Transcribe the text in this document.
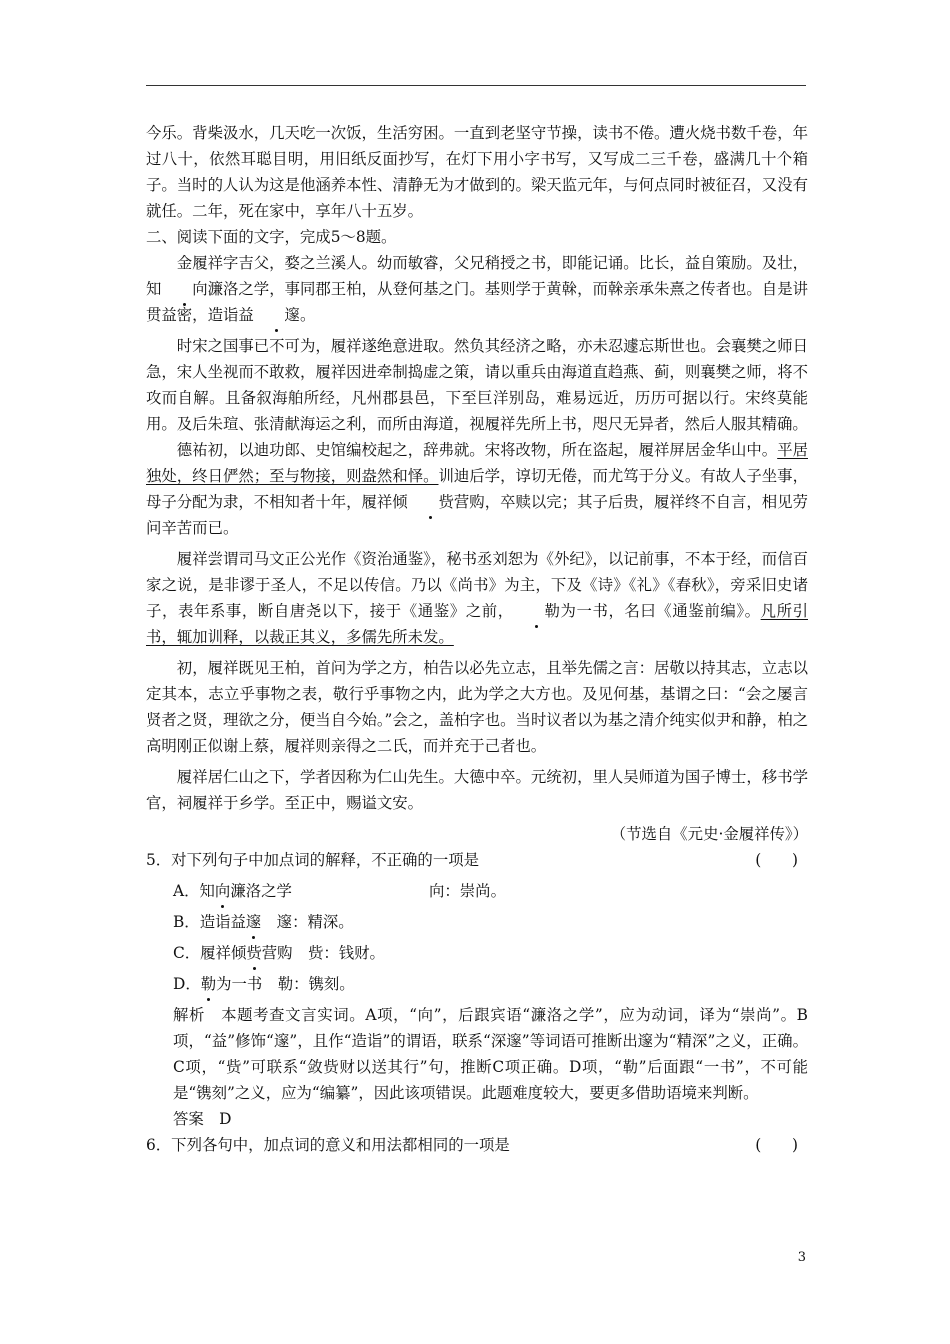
今乐。背柴汲水，几天吃一次饭，生活穷困。一直到老坚守节操，读书不倦。遭火烧书数千卷，年过八十，依然耳聪目明，用旧纸反面抄写，在灯下用小字书写，又写成二三千卷，盛满几十个箱子。当时的人认为这是他涵养本性、清静无为才做到的。梁天监元年，与何点同时被征召，又没有就任。二年，死在家中，享年八十五岁。

二、阅读下面的文字，完成5～8题。

金履祥字吉父，婺之兰溪人。幼而敏睿，父兄稍授之书，即能记诵。比长，益自策励。及壮，知 向濂洛之学，事同郡王柏，从登何基之门。基则学于黄榦，而榦亲承朱熹之传者也。自是讲贯益密，造诣益 邃。

时宋之国事已不可为，履祥遂绝意进取。然负其经济之略，亦未忍遽忘斯世也。会襄樊之师日急，宋人坐视而不敢救，履祥因进牵制捣虚之策，请以重兵由海道直趋燕、蓟，则襄樊之师，将不攻而自解。且备叙海舶所经，凡州郡县邑，下至巨洋别岛，难易远近，历历可据以行。宋终莫能用。及后朱瑄、张清献海运之利，而所由海道，视履祥先所上书，咫尺无异者，然后人服其精确。

德祐初，以迪功郎、史馆编校起之，辞弗就。宋将改物，所在盗起，履祥屏居金华山中。平居独处，终日俨然；至与物接，则盎然和怿。训迪后学，谆切无倦，而尤笃于分义。有故人子坐事，母子分配为隶，不相知者十年，履祥倾 赀营购，卒赎以完；其子后贵，履祥终不自言，相见劳问辛苦而已。

履祥尝谓司马文正公光作《资治通鉴》，秘书丞刘恕为《外纪》，以记前事，不本于经，而信百家之说，是非谬于圣人，不足以传信。乃以《尚书》为主，下及《诗》《礼》《春秋》，旁采旧史诸子，表年系事，断自唐尧以下，接于《通鉴》之前， 勒为一书，名曰《通鉴前编》。凡所引书，辄加训释，以裁正其义，多儒先所未发。

初，履祥既见王柏，首问为学之方，柏告以必先立志，且举先儒之言：居敬以持其志，立志以定其本，志立乎事物之表，敬行乎事物之内，此为学之大方也。及见何基，基谓之曰：“会之屡言贤者之贤，理欲之分，便当自今始。”会之，盖柏字也。当时议者以为基之清介纯实似尹和静，柏之高明刚正似谢上蔡，履祥则亲得之二氏，而并充于己者也。

履祥居仁山之下，学者因称为仁山先生。大德中卒。元统初，里人吴师道为国子博士，移书学官，祠履祥于乡学。至正中，赐谥文安。

（节选自《元史·金履祥传》）

5．对下列句子中加点词的解释，不正确的一项是	(　　)
A．知向濂洛之学	向：崇尚。
B．造诣益邃　 邃：精深。
C．履祥倾赀营购　 赀：钱财。
D．勒为一书　 勒：镌刻。

解析　本题考查文言实词。A项，“向”，后跟宾语“濂洛之学”，应为动词，译为“崇尚”。B项，“益”修饰“邃”，且作“造诣”的谓语，联系“深邃”等词语可推断出邃为“精深”之义，正确。C项，“赀”可联系“敛赀财以送其行”句，推断C项正确。D项，“勒”后面跟“一书”，不可能是“镌刻”之义，应为“编纂”，因此该项错误。此题难度较大，要更多借助语境来判断。

答案　D

6．下列各句中，加点词的意义和用法都相同的一项是	(　　)
3
